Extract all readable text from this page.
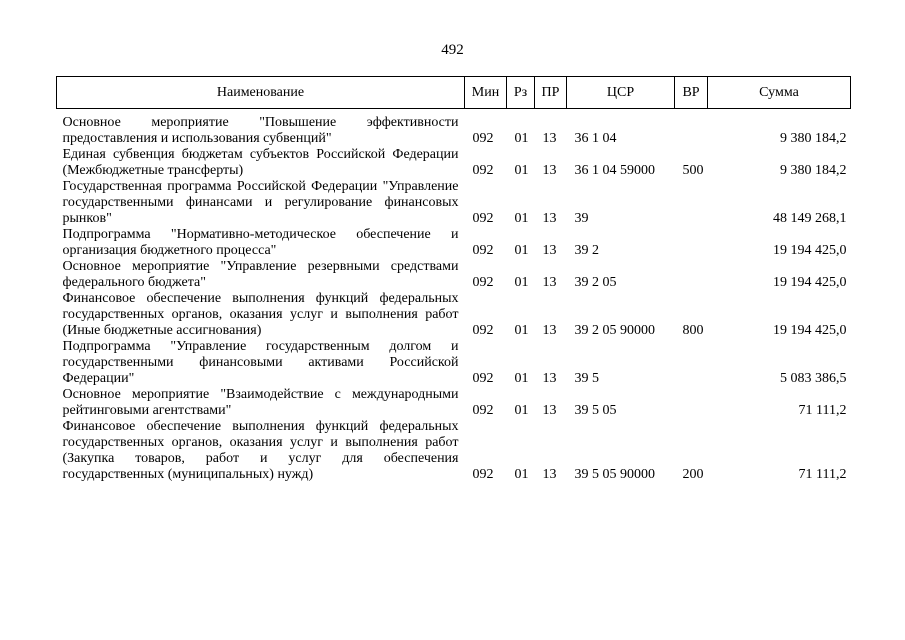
492
Наименование	Мин	Рз	ПР	ЦСР	ВР	Сумма
Основное мероприятие "Повышение эффективности предоставления и использования субвенций"	092	01	13	36 1 04		9 380 184,2
Единая субвенция бюджетам субъектов Российской Федерации (Межбюджетные трансферты)	092	01	13	36 1 04 59000	500	9 380 184,2
Государственная программа Российской Федерации "Управление государственными финансами и регулирование финансовых рынков"	092	01	13	39		48 149 268,1
Подпрограмма "Нормативно-методическое обеспечение и организация бюджетного процесса"	092	01	13	39 2		19 194 425,0
Основное мероприятие "Управление резервными средствами федерального бюджета"	092	01	13	39 2 05		19 194 425,0
Финансовое обеспечение выполнения функций федеральных государственных органов, оказания услуг и выполнения работ (Иные бюджетные ассигнования)	092	01	13	39 2 05 90000	800	19 194 425,0
Подпрограмма "Управление государственным долгом и государственными финансовыми активами Российской Федерации"	092	01	13	39 5		5 083 386,5
Основное мероприятие "Взаимодействие с международными рейтинговыми агентствами"	092	01	13	39 5 05		71 111,2
Финансовое обеспечение выполнения функций федеральных государственных органов, оказания услуг и выполнения работ (Закупка товаров, работ и услуг для обеспечения государственных (муниципальных) нужд)	092	01	13	39 5 05 90000	200	71 111,2
